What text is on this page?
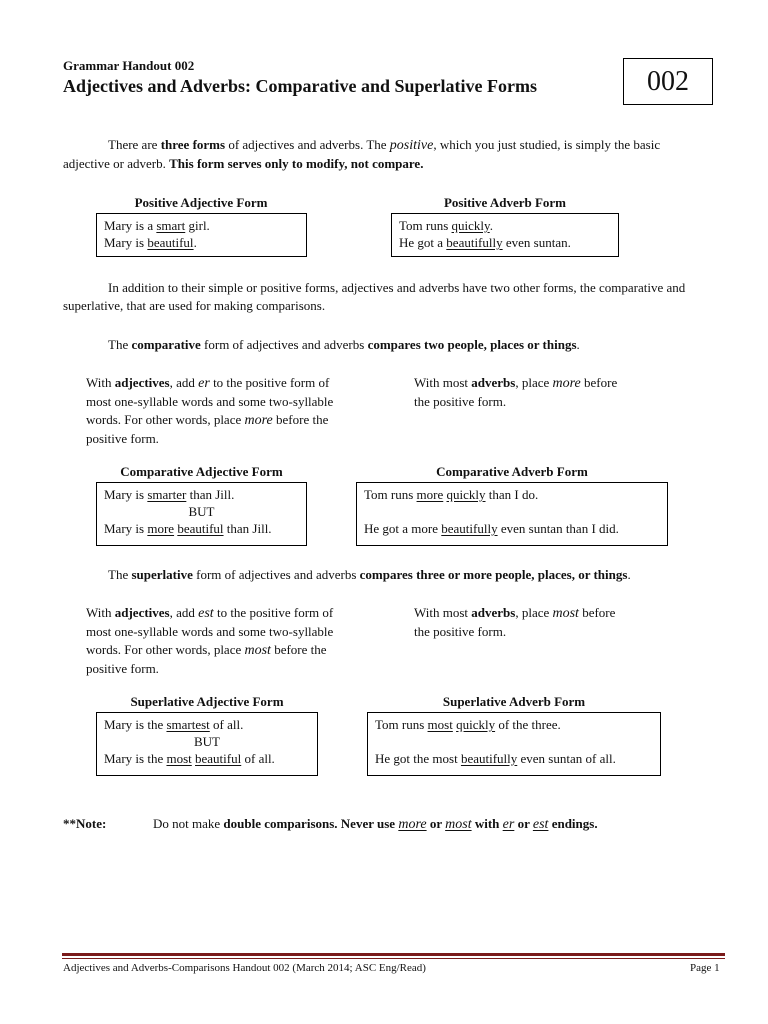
Grammar Handout 002
Adjectives and Adverbs: Comparative and Superlative Forms	002
There are three forms of adjectives and adverbs. The positive, which you just studied, is simply the basic adjective or adverb. This form serves only to modify, not compare.
Positive Adjective Form
Mary is a smart girl.
Mary is beautiful.
Positive Adverb Form
Tom runs quickly.
He got a beautifully even suntan.
In addition to their simple or positive forms, adjectives and adverbs have two other forms, the comparative and superlative, that are used for making comparisons.
The comparative form of adjectives and adverbs compares two people, places or things.
With adjectives, add er to the positive form of most one-syllable words and some two-syllable words. For other words, place more before the positive form.
With most adverbs, place more before the positive form.
Comparative Adjective Form
Mary is smarter than Jill.
BUT
Mary is more beautiful than Jill.
Comparative Adverb Form
Tom runs more quickly than I do.
He got a more beautifully even suntan than I did.
The superlative form of adjectives and adverbs compares three or more people, places, or things.
With adjectives, add est to the positive form of most one-syllable words and some two-syllable words. For other words, place most before the positive form.
With most adverbs, place most before the positive form.
Superlative Adjective Form
Mary is the smartest of all.
BUT
Mary is the most beautiful of all.
Superlative Adverb Form
Tom runs most quickly of the three.
He got the most beautifully even suntan of all.
**Note:	Do not make double comparisons. Never use more or most with er or est endings.
Adjectives and Adverbs-Comparisons Handout 002 (March 2014; ASC Eng/Read)	Page 1
